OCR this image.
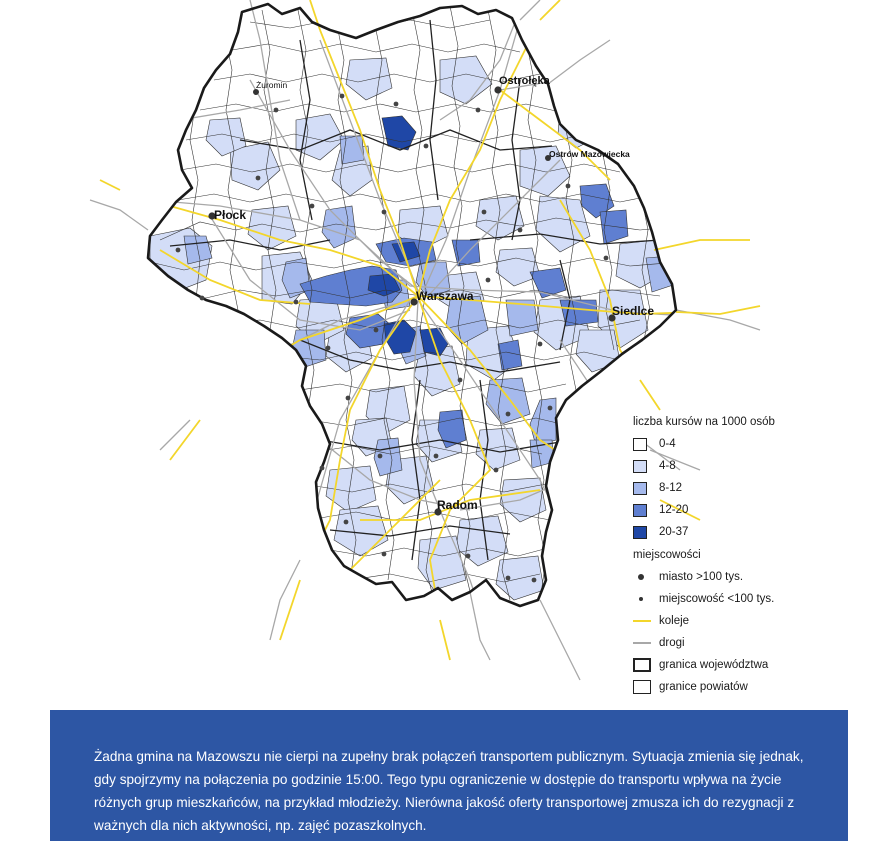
Warszawa
Radom
Płock
Siedlce
Ostrołęka
Ostrów Mazowiecka
Żuromin
liczba kursów na 1000 osób
0-4
4-8
8-12
12-20
20-37
miejscowości
miasto >100 tys.
miejscowość <100 tys.
koleje
drogi
granica województwa
granice powiatów
Żadna gmina na Mazowszu nie cierpi na zupełny brak połączeń transportem publicznym. Sytuacja zmienia się jednak, gdy spojrzymy na połączenia po godzinie 15:00. Tego typu ograniczenie w dostępie do transportu wpływa na życie różnych grup mieszkańców, na przykład młodzieży. Nierówna jakość oferty transportowej zmusza ich do rezygnacji z ważnych dla nich aktywności, np. zajęć pozaszkolnych.
